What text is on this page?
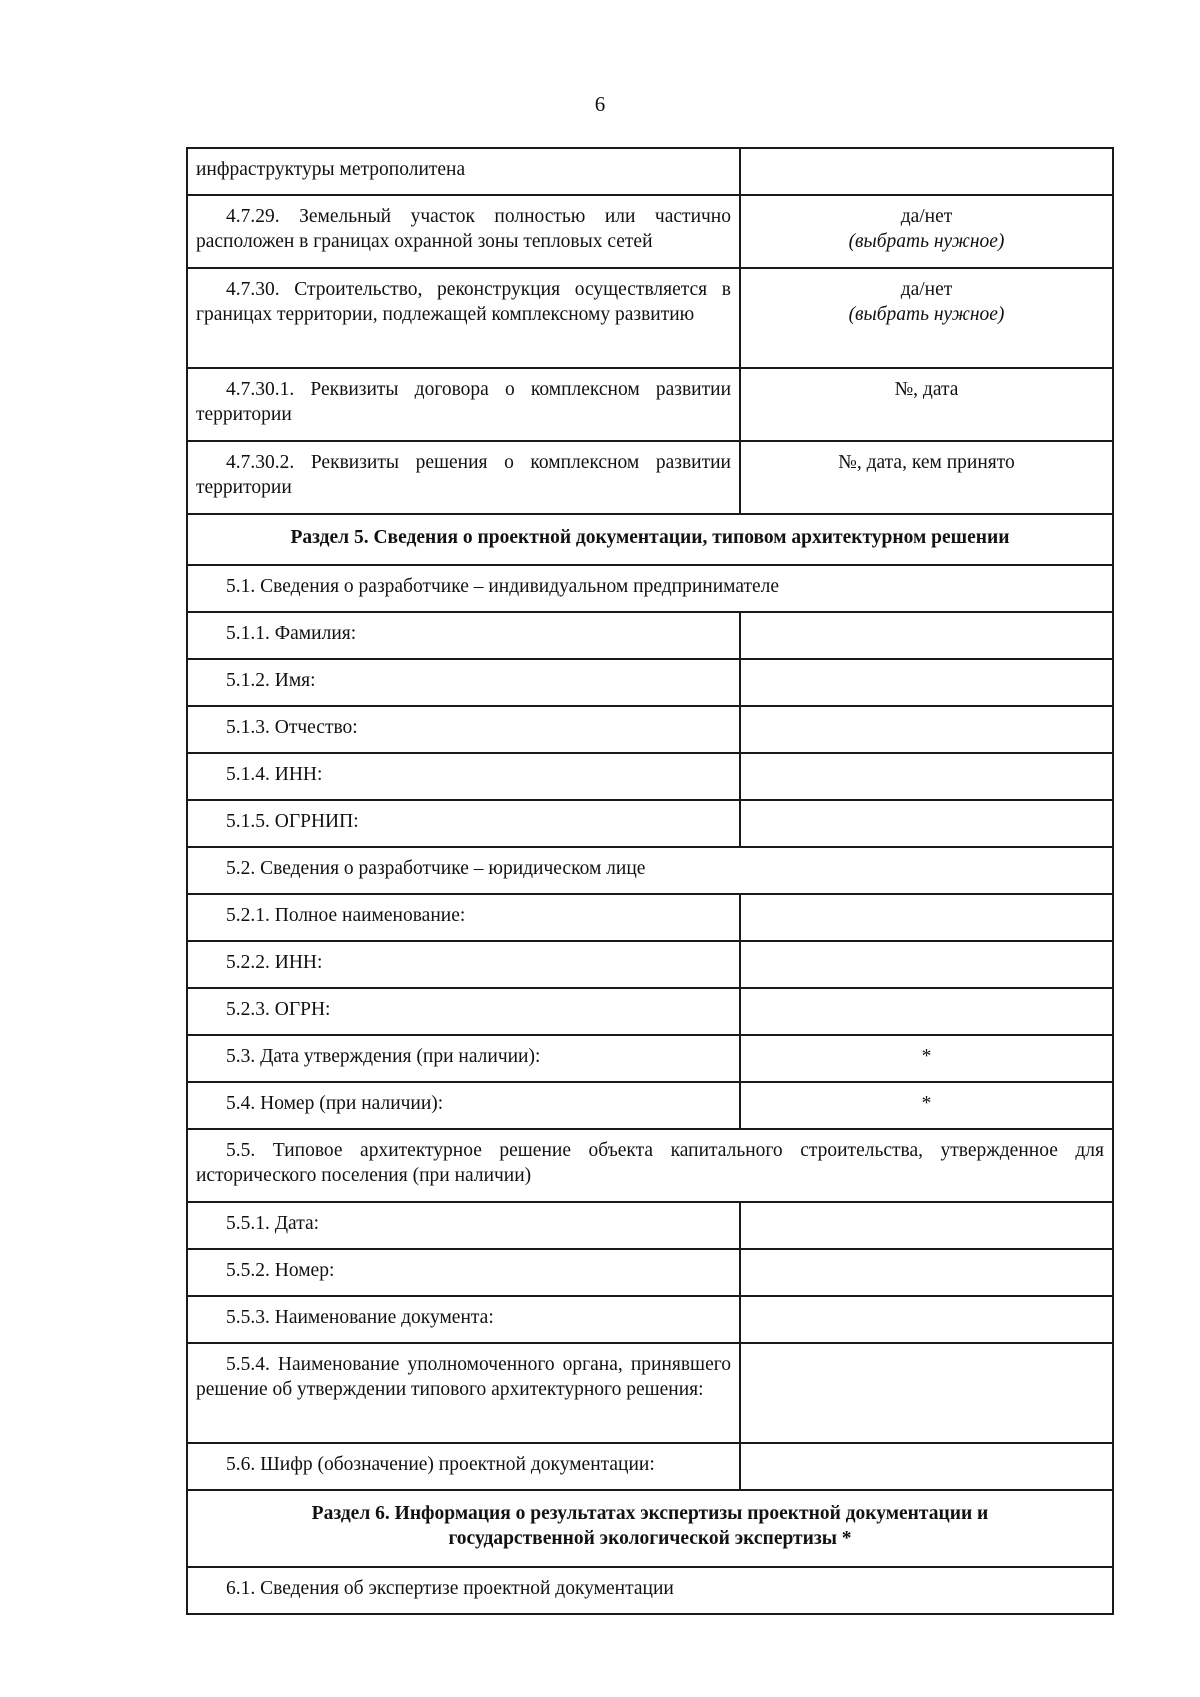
6
инфраструктуры метрополитена	
4.7.29. Земельный участок полностью или частично расположен в границах охранной зоны тепловых сетей	да/нет
(выбрать нужное)

4.7.30. Строительство, реконструкция осуществляется в границах территории, подлежащей комплексному развитию	да/нет
(выбрать нужное)

4.7.30.1. Реквизиты договора о комплексном развитии территории	№, дата
4.7.30.2. Реквизиты решения о комплексном развитии территории	№, дата, кем принято
Раздел 5. Сведения о проектной документации, типовом архитектурном решении	
5.1. Сведения о разработчике – индивидуальном предпринимателе	
5.1.1. Фамилия:	
5.1.2. Имя:	
5.1.3. Отчество:	
5.1.4. ИНН:	
5.1.5. ОГРНИП:	
5.2. Сведения о разработчике – юридическом лице	
5.2.1. Полное наименование:	
5.2.2. ИНН:	
5.2.3. ОГРН:	
5.3. Дата утверждения (при наличии):	*
5.4. Номер (при наличии):	*
5.5. Типовое архитектурное решение объекта капитального строительства, утвержденное для исторического поселения (при наличии)	
5.5.1. Дата:	
5.5.2. Номер:	
5.5.3. Наименование документа:	
5.5.4. Наименование уполномоченного органа, принявшего решение об утверждении типового архитектурного решения:	
5.6. Шифр (обозначение) проектной документации:	
Раздел 6. Информация о результатах экспертизы проектной документации и
государственной экологической экспертизы *	
6.1. Сведения об экспертизе проектной документации	
